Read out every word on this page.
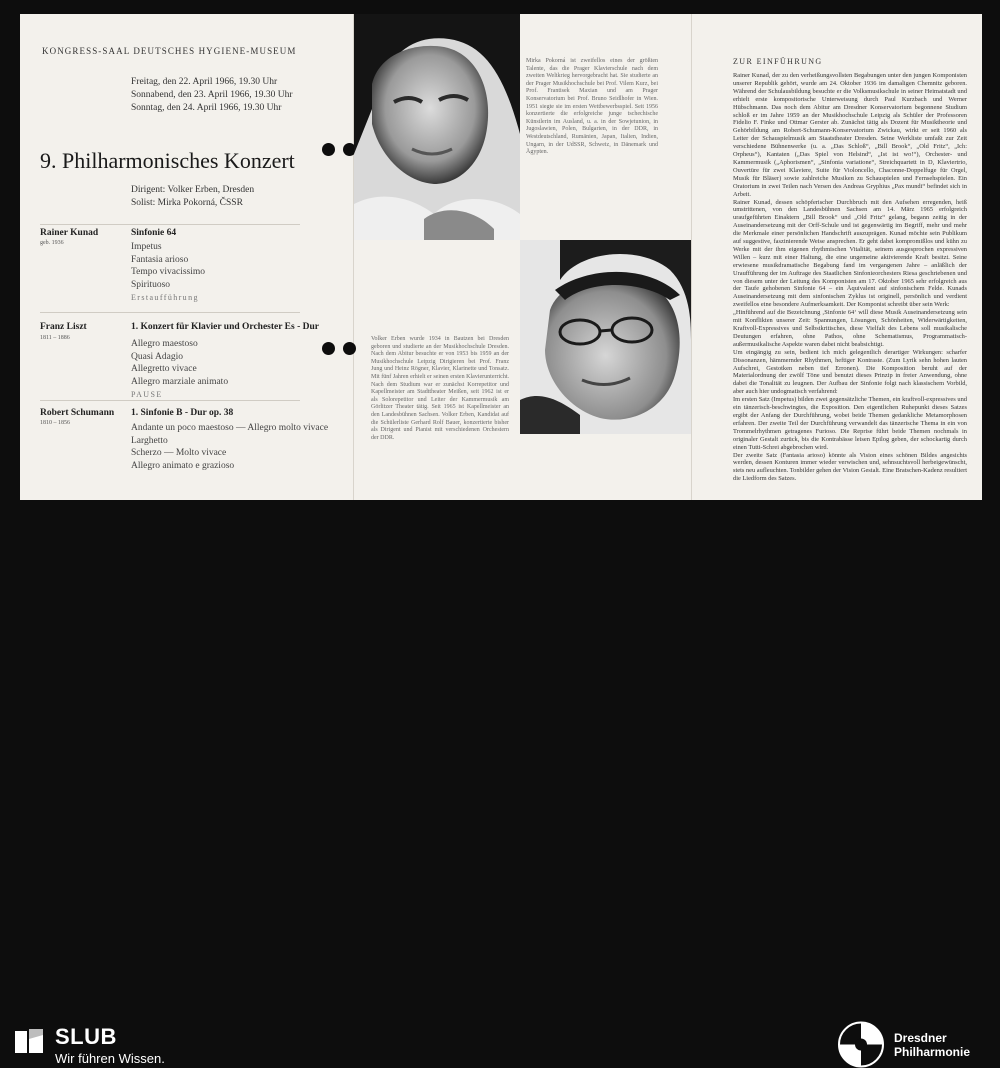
KONGRESS-SAAL DEUTSCHES HYGIENE-MUSEUM
Freitag, den 22. April 1966, 19.30 Uhr
Sonnabend, den 23. April 1966, 19.30 Uhr
Sonntag, den 24. April 1966, 19.30 Uhr
9. Philharmonisches Konzert
Dirigent: Volker Erben, Dresden
Solist: Mirka Pokorná, ČSSR
Rainer Kunad
geb. 1936
Sinfonie 64
Impetus
Fantasia arioso
Tempo vivacissimo
Spirituoso
Erstaufführung
Franz Liszt
1811 – 1886
1. Konzert für Klavier und Orchester Es - Dur
Allegro maestoso
Quasi Adagio
Allegretto vivace
Allegro marziale animato
PAUSE
Robert Schumann
1810 – 1856
1. Sinfonie B - Dur op. 38
Andante un poco maestoso — Allegro molto vivace
Larghetto
Scherzo — Molto vivace
Allegro animato e grazioso
Mirka Pokorná ist zweifellos eines der größten Talente, das die Prager Klavierschule nach dem zweiten Weltkrieg hervorgebracht hat. Sie studierte an der Prager Musikhochschule bei Prof. Vilem Kurz, bei Prof. Frantisek Maxian und am Prager Konservatorium bei Prof. Bruno Seidlhofer in Wien. 1951 siegte sie im ersten Wettbewerbsspiel. Seit 1956 konzertierte die erfolgreiche junge tschechische Künstlerin im Ausland, u. a. in der Sowjetunion, in Jugoslawien, Polen, Bulgarien, in der DDR, in Westdeutschland, Rumänien, Japan, Italien, Indien, Ungarn, in der UdSSR, Schweiz, in Dänemark und Ägypten.
Volker Erben wurde 1934 in Bautzen bei Dresden geboren und studierte an der Musikhochschule Dresden. Nach dem Abitur besuchte er von 1953 bis 1959 an der Musikhochschule Leipzig Dirigieren bei Prof. Franz Jung und Heinz Rögner, Klavier, Klarinette und Tonsatz. Mit fünf Jahren erhielt er seinen ersten Klavierunterricht. Nach dem Studium war er zunächst Korrepetitor und Kapellmeister am Stadttheater Meißen, seit 1962 ist er als Solorepetitor und Leiter der Kammermusik am Görlitzer Theater tätig. Seit 1965 ist Kapellmeister an den Landesbühnen Sachsen. Volker Erben, Kandidat auf die Schülerliste Gerhard Rolf Bauer, konzertierte bisher als Dirigent und Pianist mit verschiedenen Orchestern der DDR.
ZUR EINFÜHRUNG

Rainer Kunad, der zu den verheißungsvollsten Begabungen unter den jungen Komponisten unserer Republik gehört, wurde am 24. Oktober 1936 im damaligen Chemnitz geboren. Während der Schulausbildung besuchte er die Volksmusikschule in seiner Heimatstadt und erhielt erste kompositorische Unterweisung durch Paul Kurzbach und Werner Hübschmann. Das noch dem Abitur am Dresdner Konservatorium begonnene Studium schloß er im Jahre 1959 an der Musikhochschule Leipzig als Schüler der Professoren Fidelio F. Finke und Ottmar Gerster ab. Zunächst tätig als Dozent für Musiktheorie und Gehörbildung am Robert-Schumann-Konservatorium Zwickau, wirkt er seit 1960 als Leiter der Schauspielmusik am Staatstheater Dresden. Seine Werkliste umfaßt zur Zeit verschiedene Bühnenwerke (u. a. „Das Schloß“, „Bill Brook“, „Old Fritz“, „Ich: Orpheus“), Kantaten („Das Spiel von Helsind“, „Ist ist wo!“), Orchester- und Kammermusik („Aphorismen“, „Sinfonia variatione“, Streichquartett in D, Klaviertrio, Ouvertüre für zwei Klaviere, Suite für Violoncello, Chaconne-Doppelfuge für Orgel, Musik für Bläser) sowie zahlreiche Musiken zu Schauspielen und Fernsehspielen. Ein Oratorium in zwei Teilen nach Versen des Andreas Gryphius „Pax mundi“ befindet sich in Arbeit.

Rainer Kunad, dessen schöpferischer Durchbruch mit den Aufsehen erregenden, heiß umstrittenen, von den Landesbühnen Sachsen am 14. März 1965 erfolgreich uraufgeführten Einaktern „Bill Brook“ und „Old Fritz“ gelang, begann zeitig in der Auseinandersetzung mit der Orff-Schule und ist gegenwärtig im Begriff, mehr und mehr die Merkmale einer persönlichen Handschrift auszuprägen. Kunad möchte sein Publikum auf suggestive, faszinierende Weise ansprechen. Er geht dabei kompromißlos und kühn zu Werke mit der ihm eigenen rhythmischen Vitalität, seinem ausgesprochen expressiven Willen – kurz mit einer Haltung, die eine ungemeine aktivierende Kraft besitzt. Seine erwiesene musikdramatische Begabung fand im vergangenen Jahre – anläßlich der Uraufführung der im Auftrage des Staatlichen Sinfonieorchesters Riesa geschriebenen und von diesem unter der Leitung des Komponisten am 17. Oktober 1965 sehr erfolgreich aus der Taufe gehobenen Sinfonie 64 – ein Äquivalent auf sinfonischem Felde. Kunads Auseinandersetzung mit dem sinfonischen Zyklus ist originell, persönlich und verdient zweifellos eine besondere Aufmerksamkeit. Der Komponist schreibt über sein Werk:

„Hinführend auf die Bezeichnung ‚Sinfonie 64‘ will diese Musik Auseinandersetzung sein mit Konflikten unserer Zeit: Spannungen, Lösungen, Schönheiten, Widerwärtigkeiten, Kraftvoll-Expressives und Selbstkritisches, diese Vielfalt des Lebens soll musikalische Deutungen erfahren, ohne Pathos, ohne Schematismus, Programmatisch-außermusikalische Aspekte waren dabei nicht beabsichtigt.

Um eingängig zu sein, bedient ich mich gelegentlich derartiger Wirkungen: scharfer Dissonanzen, hämmernder Rhythmen, heftiger Kontraste. (Zum Lyrik sehn hohen lauten Aufschrei, Gestotken neben tief Erronen). Die Komposition beruht auf der Materialordnung der zwölf Töne und benutzt dieses Prinzip in freier Anwendung, ohne dabei die Tonalität zu leugnen. Der Aufbau der Sinfonie folgt nach klassischem Vorbild, aber auch hier undogmatisch verfahrend:

Im ersten Satz (Impetus) bilden zwei gegensätzliche Themen, ein kraftvoll-expressives und ein tänzerisch-beschwingtes, die Exposition. Den eigentlichen Ruhepunkt dieses Satzes ergibt der Anfang der Durchführung, wobei beide Themen gedankliche Metamorphosen erfahren. Der zweite Teil der Durchführung verwandelt das tänzerische Thema in ein von Trommelrhythmen getragenes Furioso. Die Reprise führt beide Themen nochmals in originaler Gestalt zurück, bis die Kontrabässe leisen Epilog geben, der schockartig durch einen Tutti-Schrei abgebrochen wird.

Der zweite Satz (Fantasia arioso) könnte als Vision eines schönen Bildes angesichts werden, dessen Konturen immer wieder verwischen und, sehnsuchtsvoll herbeigewünscht, stets neu aufleuchten. Tonbilder gehen der Vision Gestalt. Eine Bratschen-Kadenz resultiert die Liedform des Satzes.

SLUB
Wir führen Wissen.
Dresdner
Philharmonie
